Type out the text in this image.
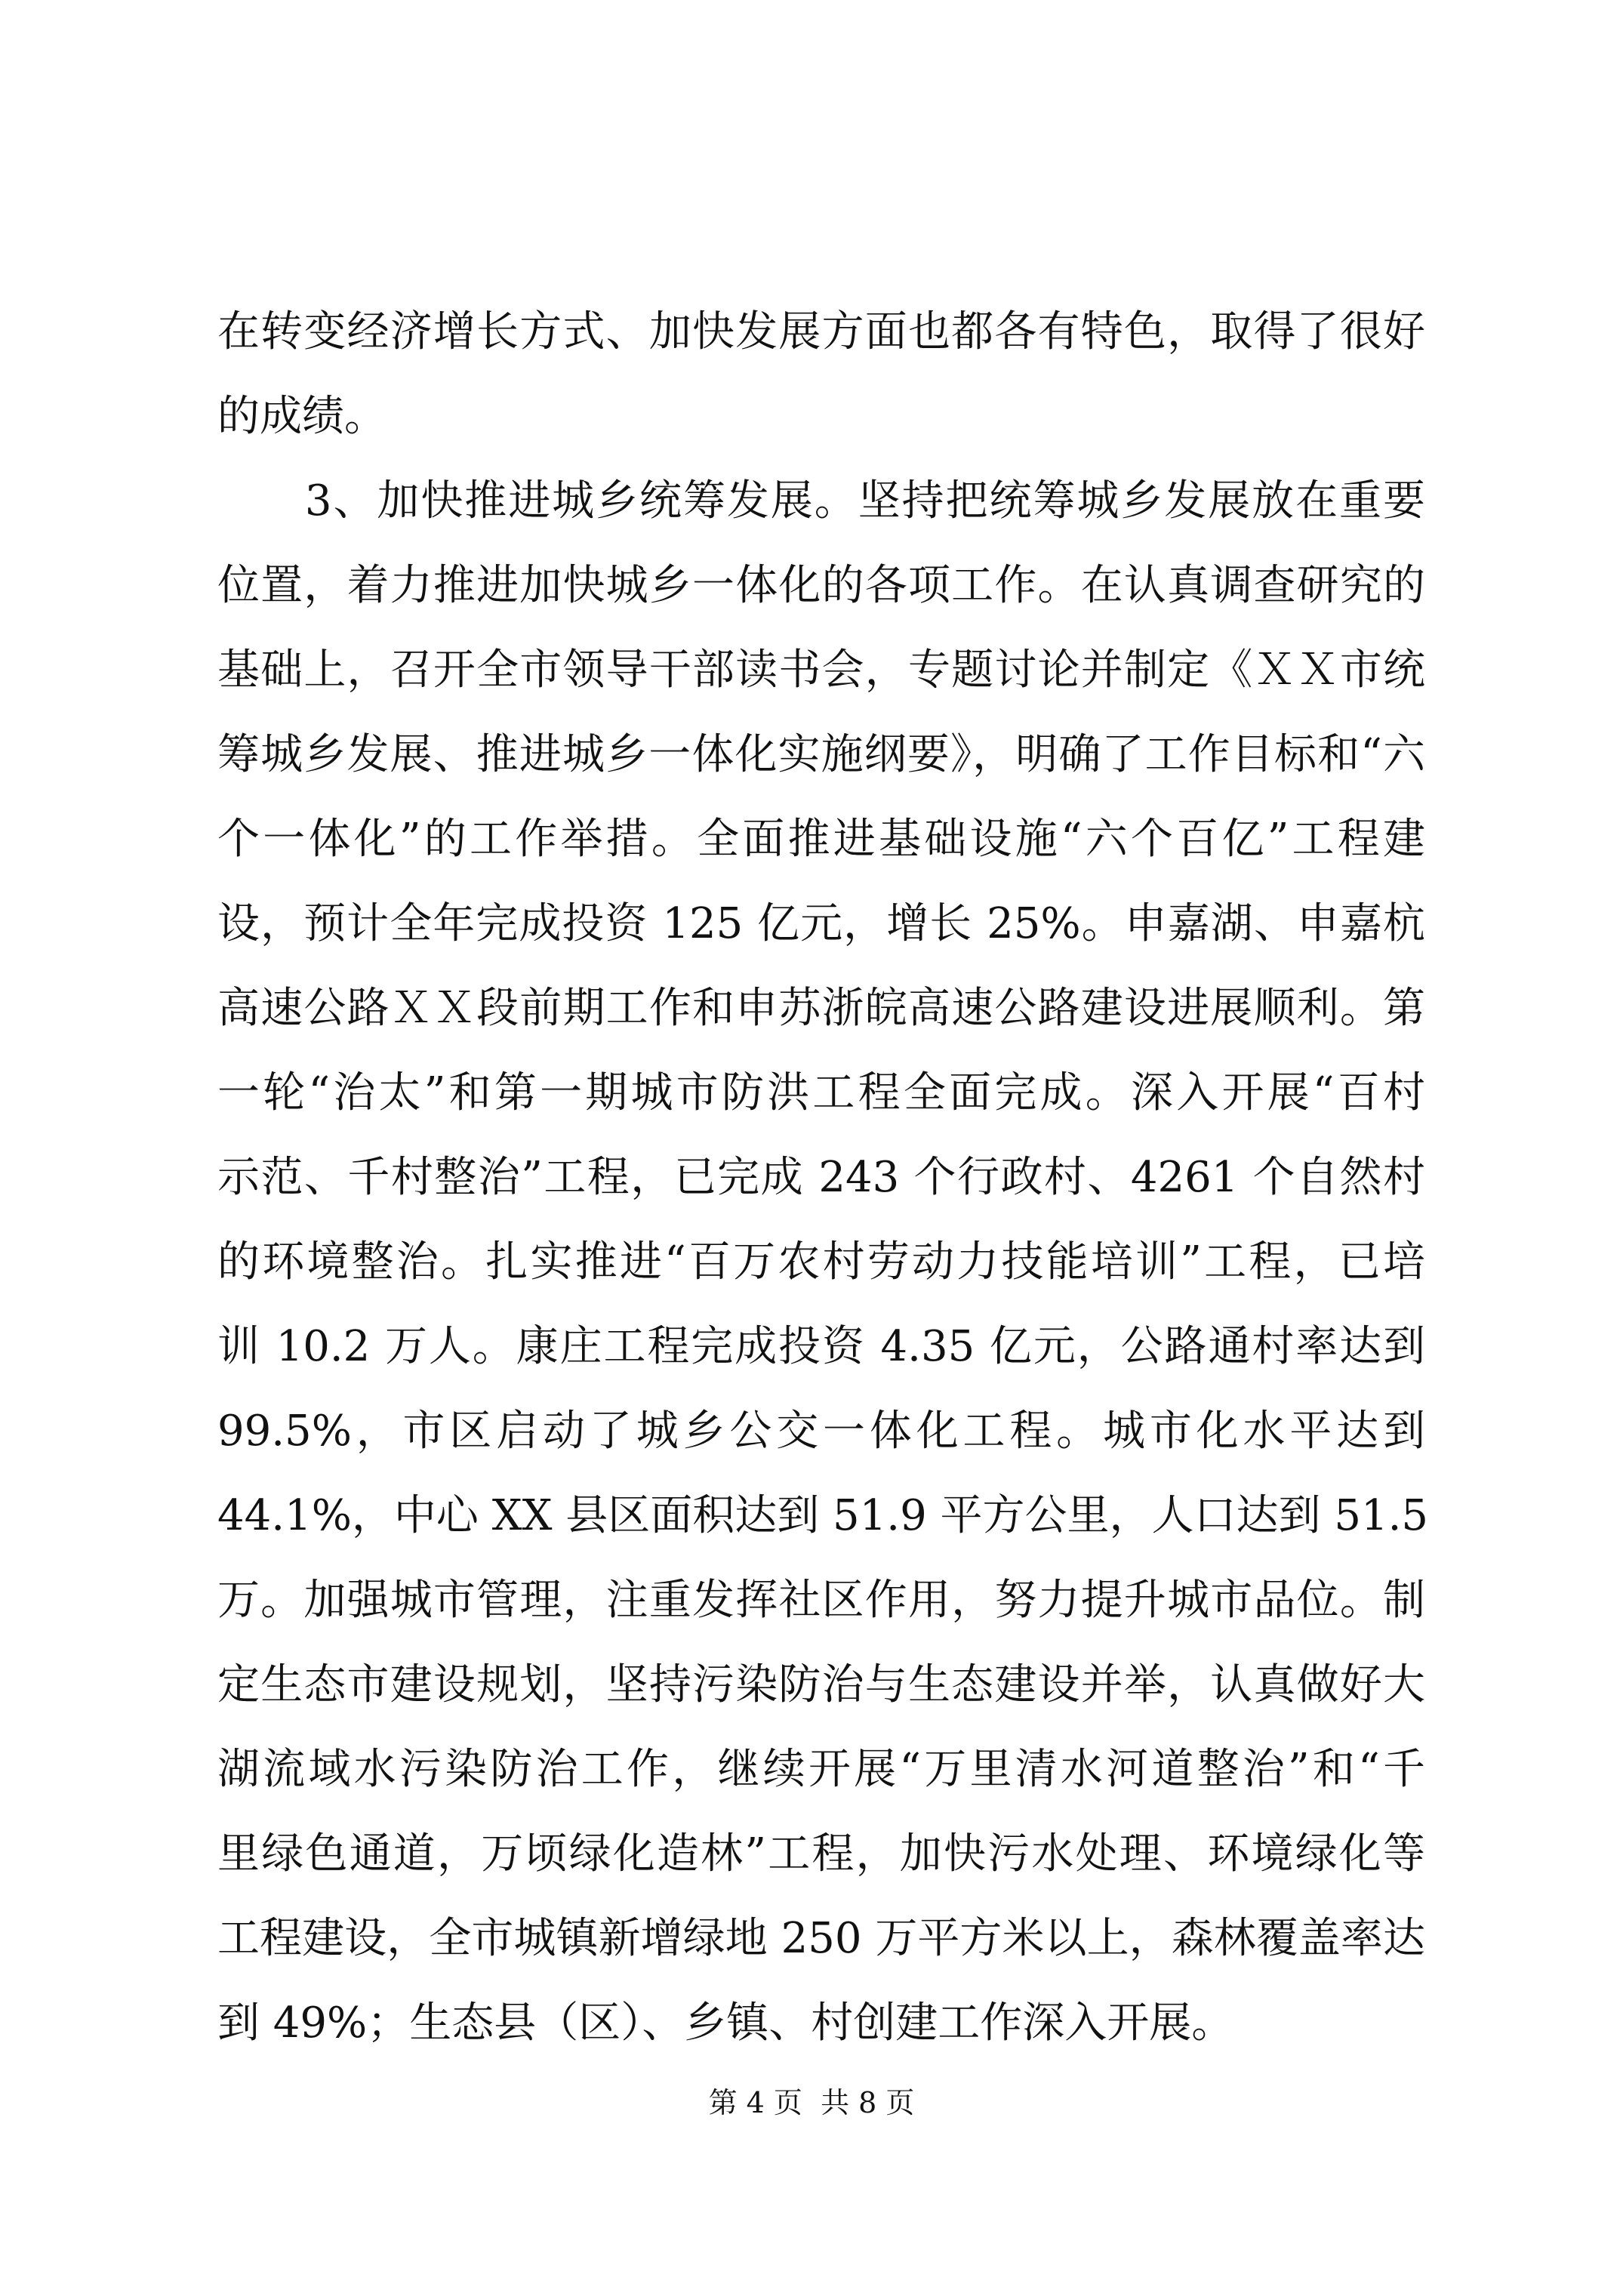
在转变经济增长方式、加快发展方面也都各有特色，取得了很好
的成绩。
　　3、加快推进城乡统筹发展。坚持把统筹城乡发展放在重要
位置，着力推进加快城乡一体化的各项工作。在认真调查研究的
基础上，召开全市领导干部读书会，专题讨论并制定《ＸＸ市统
筹城乡发展、推进城乡一体化实施纲要》，明确了工作目标和“六
个一体化”的工作举措。全面推进基础设施“六个百亿”工程建
设，预计全年完成投资 125 亿元，增长 25%。申嘉湖、申嘉杭
高速公路ＸＸ段前期工作和申苏浙皖高速公路建设进展顺利。第
一轮“治太”和第一期城市防洪工程全面完成。深入开展“百村
示范、千村整治”工程，已完成 243 个行政村、4261 个自然村
的环境整治。扎实推进“百万农村劳动力技能培训”工程，已培
训 10.2 万人。康庄工程完成投资 4.35 亿元，公路通村率达到
99.5%，市区启动了城乡公交一体化工程。城市化水平达到
44.1%，中心 XX 县区面积达到 51.9 平方公里，人口达到 51.5
万。加强城市管理，注重发挥社区作用，努力提升城市品位。制
定生态市建设规划，坚持污染防治与生态建设并举，认真做好大
湖流域水污染防治工作，继续开展“万里清水河道整治”和“千
里绿色通道，万顷绿化造林”工程，加快污水处理、环境绿化等
工程建设，全市城镇新增绿地 250 万平方米以上，森林覆盖率达
到 49%；生态县（区）、乡镇、村创建工作深入开展。
第 4 页  共 8 页
